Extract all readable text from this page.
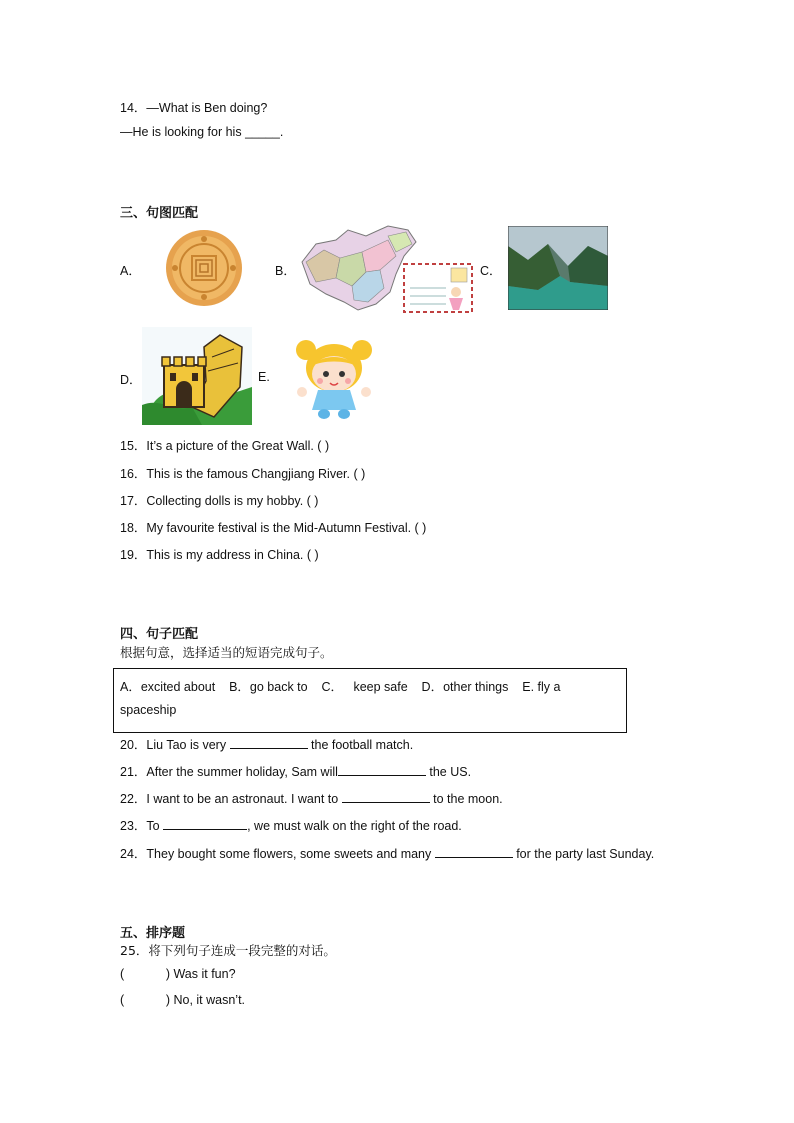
14．—What is Ben doing?
—He is looking for his _____.
三、句图匹配
A．	B．	C．
D．	E.
15．It’s a picture of the Great Wall. ( )
16．This is the famous Changjiang River. ( )
17．Collecting dolls is my hobby. ( )
18．My favourite festival is the Mid-Autumn Festival. ( )
19．This is my address in China. ( )
四、句子匹配
根据句意，选择适当的短语完成句子。
A．excited about    B．go back to    C．   keep safe    D．other things    E. fly a
spaceship
20．Liu Tao is very	the football match.
21．After the summer holiday, Sam will	the US.
22．I want to be an astronaut. I want to	to the moon.
23．To	, we must walk on the right of the road.
24．They bought some flowers, some sweets and many	for the party last Sunday.
五、排序题
25．将下列句子连成一段完整的对话。
(            ) Was it fun?
(            ) No, it wasn’t.
